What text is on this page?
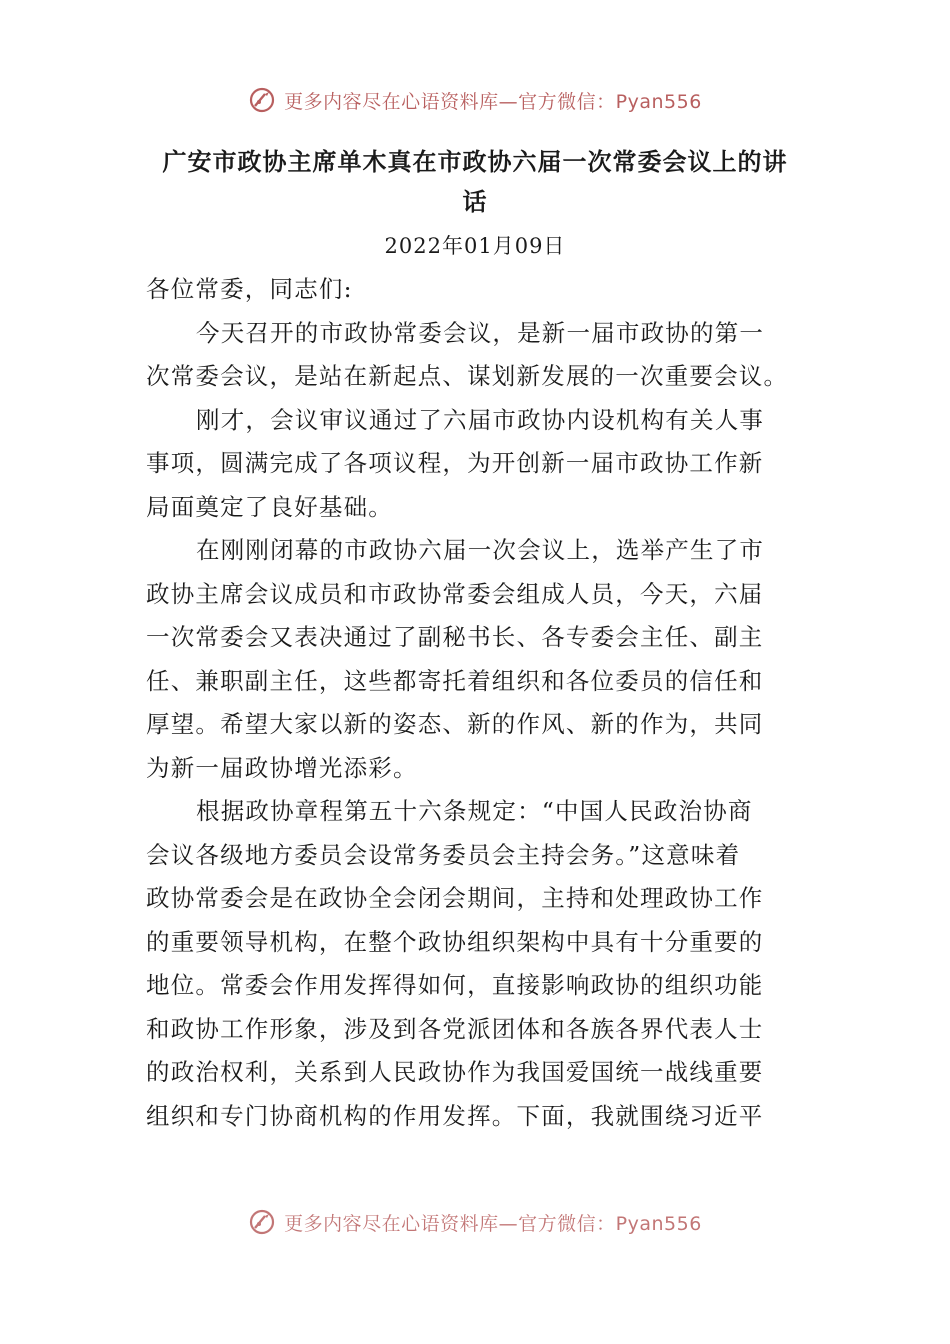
更多内容尽在心语资料库—官方微信：Pyan556
广安市政协主席单木真在市政协六届一次常委会议上的讲
话
2022年01月09日
各位常委，同志们:
今天召开的市政协常委会议，是新一届市政协的第一
次常委会议，是站在新起点、谋划新发展的一次重要会议。
刚才，会议审议通过了六届市政协内设机构有关人事
事项，圆满完成了各项议程，为开创新一届市政协工作新
局面奠定了良好基础。
在刚刚闭幕的市政协六届一次会议上，选举产生了市
政协主席会议成员和市政协常委会组成人员，今天，六届
一次常委会又表决通过了副秘书长、各专委会主任、副主
任、兼职副主任，这些都寄托着组织和各位委员的信任和
厚望。希望大家以新的姿态、新的作风、新的作为，共同
为新一届政协增光添彩。
根据政协章程第五十六条规定：“中国人民政治协商
会议各级地方委员会设常务委员会主持会务。”这意味着
政协常委会是在政协全会闭会期间，主持和处理政协工作
的重要领导机构，在整个政协组织架构中具有十分重要的
地位。常委会作用发挥得如何，直接影响政协的组织功能
和政协工作形象，涉及到各党派团体和各族各界代表人士
的政治权利，关系到人民政协作为我国爱国统一战线重要
组织和专门协商机构的作用发挥。下面，我就围绕习近平
更多内容尽在心语资料库—官方微信：Pyan556
